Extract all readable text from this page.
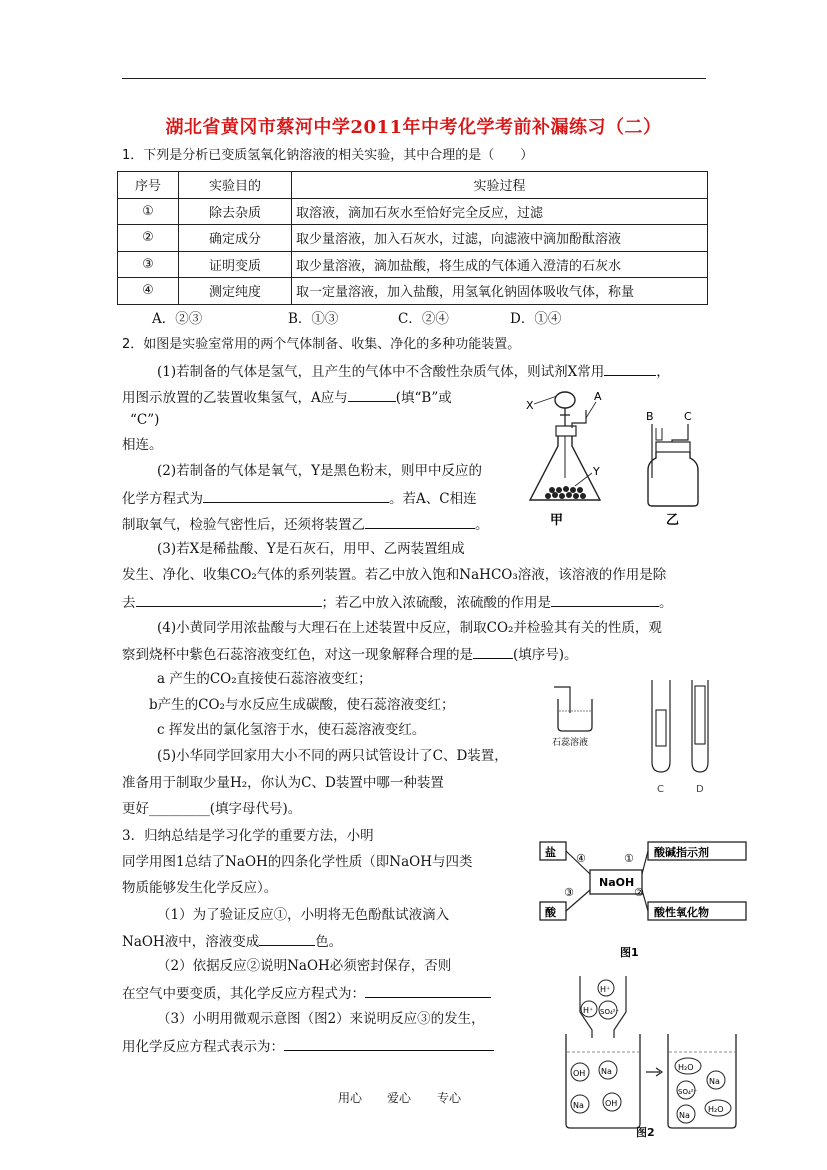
湖北省黄冈市蔡河中学2011年中考化学考前补漏练习（二）
1．下列是分析已变质氢氧化钠溶液的相关实验，其中合理的是（　　）
序号	实验目的	实验过程
①	除去杂质	取溶液，滴加石灰水至恰好完全反应，过滤
②	确定成分	取少量溶液，加入石灰水，过滤，向滤液中滴加酚酞溶液
③	证明变质	取少量溶液，滴加盐酸，将生成的气体通入澄清的石灰水
④	测定纯度	取一定量溶液，加入盐酸，用氢氧化钠固体吸收气体，称量
A．②③	B．①③	C．②④	D．①④
2．如图是实验室常用的两个气体制备、收集、净化的多种功能装置。
(1)若制备的气体是氢气，且产生的气体中不含酸性杂质气体，则试剂X常用	，
用图示放置的乙装置收集氢气，A应与	(填“B”或
“C”)
相连。
(2)若制备的气体是氧气，Y是黑色粉末，则甲中反应的
化学方程式为	。若A、C相连
制取氧气，检验气密性后，还须将装置乙	。
(3)若X是稀盐酸、Y是石灰石，用甲、乙两装置组成
发生、净化、收集CO₂气体的系列装置。若乙中放入饱和NaHCO₃溶液，该溶液的作用是除
去	；若乙中放入浓硫酸，浓硫酸的作用是	。
(4)小黄同学用浓盐酸与大理石在上述装置中反应，制取CO₂并检验其有关的性质，观
察到烧杯中紫色石蕊溶液变红色，对这一现象解释合理的是	(填序号)。
a 产生的CO₂直接使石蕊溶液变红；
b产生的CO₂与水反应生成碳酸，使石蕊溶液变红；
c 挥发出的氯化氢溶于水，使石蕊溶液变红。
(5)小华同学回家用大小不同的两只试管设计了C、D装置，
准备用于制取少量H₂，你认为C、D装置中哪一种装置
更好_________(填字母代号)。
X
A
Y
甲
B	C
乙
石蕊溶液
C	D
3．归纳总结是学习化学的重要方法，小明
同学用图1总结了NaOH的四条化学性质（即NaOH与四类
物质能够发生化学反应）。
（1）为了验证反应①，小明将无色酚酞试液滴入
NaOH液中，溶液变成	色。
（2）依据反应②说明NaOH必须密封保存，否则
在空气中要变质，其化学反应方程式为：
（3）小明用微观示意图（图2）来说明反应③的发生，
用化学反应方程式表示为：
盐	酸碱指示剂
酸	酸性氧化物
NaOH
④	①
③	②
图1
H⁺
H⁺ SO₄²⁻
OH Na
Na	OH
H₂O
SO₄²⁻
Na
Na
H₂O
图2
用心 爱心 专心
